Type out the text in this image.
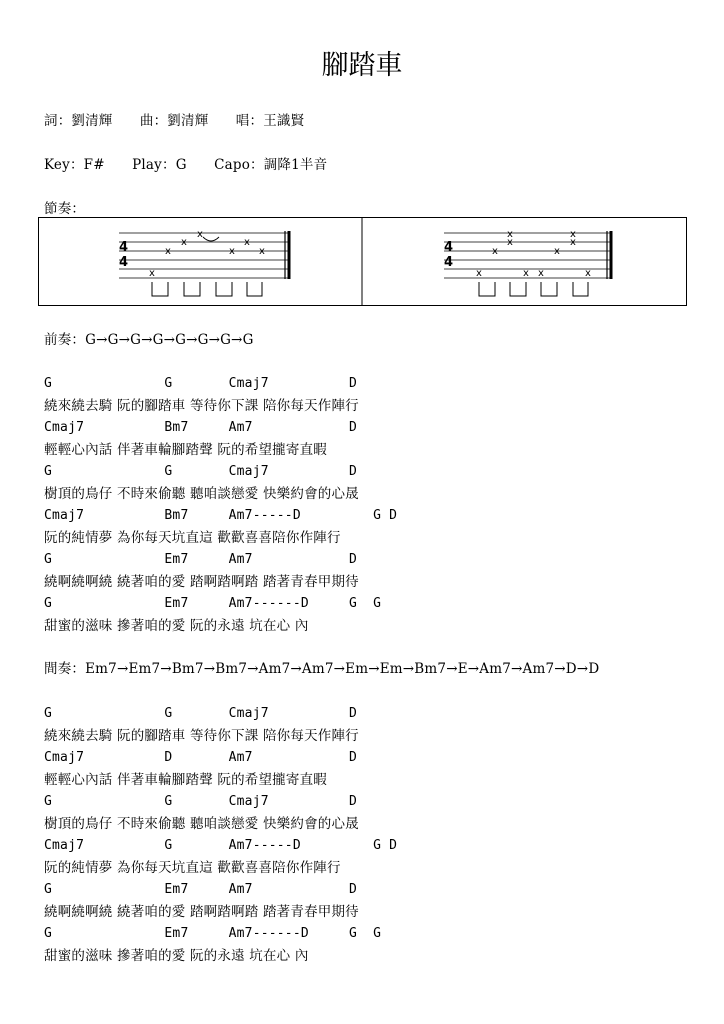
腳踏車
詞：劉清輝　　曲：劉清輝　　唱：王識賢
Key：F#　　Play：G　　Capo：調降1半音
節奏：
4
4
x
x
x
x
x
x
x	4
4
x
x
x
x
x x
x
x
x
x
前奏：G→G→G→G→G→G→G→G
G              G       Cmaj7          D
繞來繞去騎 阮的腳踏車 等待你下課 陪你每天作陣行
Cmaj7          Bm7     Am7            D
輕輕心內話 伴著車輪腳踏聲 阮的希望攏寄直暇
G              G       Cmaj7          D
樹頂的鳥仔 不時來偷聽 聽咱談戀愛 快樂約會的心晟
Cmaj7          Bm7     Am7-----D         G D
阮的純情夢 為你每天坑直這 歡歡喜喜陪你作陣行
G              Em7     Am7            D
繞啊繞啊繞 繞著咱的愛 踏啊踏啊踏 踏著青春甲期待
G              Em7     Am7------D     G  G
甜蜜的滋味 摻著咱的愛 阮的永遠 坑在心 內
間奏：Em7→Em7→Bm7→Bm7→Am7→Am7→Em→Em→Bm7→E→Am7→Am7→D→D
G              G       Cmaj7          D
繞來繞去騎 阮的腳踏車 等待你下課 陪你每天作陣行
Cmaj7          D       Am7            D
輕輕心內話 伴著車輪腳踏聲 阮的希望攏寄直暇
G              G       Cmaj7          D
樹頂的鳥仔 不時來偷聽 聽咱談戀愛 快樂約會的心晟
Cmaj7          G       Am7-----D         G D
阮的純情夢 為你每天坑直這 歡歡喜喜陪你作陣行
G              Em7     Am7            D
繞啊繞啊繞 繞著咱的愛 踏啊踏啊踏 踏著青春甲期待
G              Em7     Am7------D     G  G
甜蜜的滋味 摻著咱的愛 阮的永遠 坑在心 內
